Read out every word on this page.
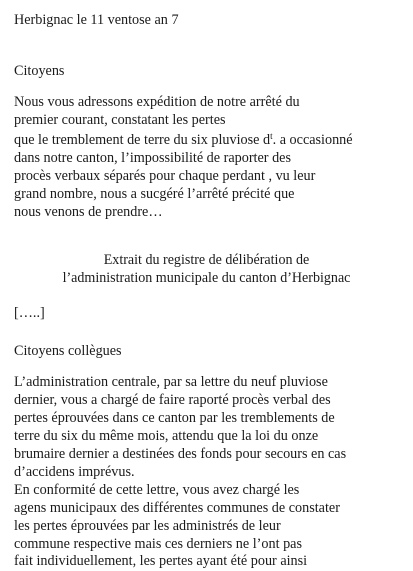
Herbignac le 11 ventose an 7
Citoyens
Nous vous adressons expédition de notre arrêté du
premier courant, constatant les pertes
que le tremblement de terre du six pluviose $d^t$. a occasionné
dans notre canton, l’impossibilité de raporter des
procès verbaux séparés pour chaque perdant , vu leur
grand nombre, nous a sucgéré l’arrêté précité que
nous venons de prendre…
Extrait du registre de délibération de
l’administration municipale du canton d’Herbignac
[…..]
Citoyens collègues
L’administration centrale, par sa lettre du neuf pluviose
dernier, vous a chargé de faire raporté procès verbal des
pertes éprouvées dans ce canton par les tremblements de
terre du six du même mois, attendu que la loi du onze
brumaire dernier a destinées des fonds pour secours en cas
d’accidens imprévus.
En conformité de cette lettre, vous avez chargé les
agens municipaux des différentes communes de constater
les pertes éprouvées par les administrés de leur
commune respective mais ces derniers ne l’ont pas
fait individuellement, les pertes ayant été pour ainsi
